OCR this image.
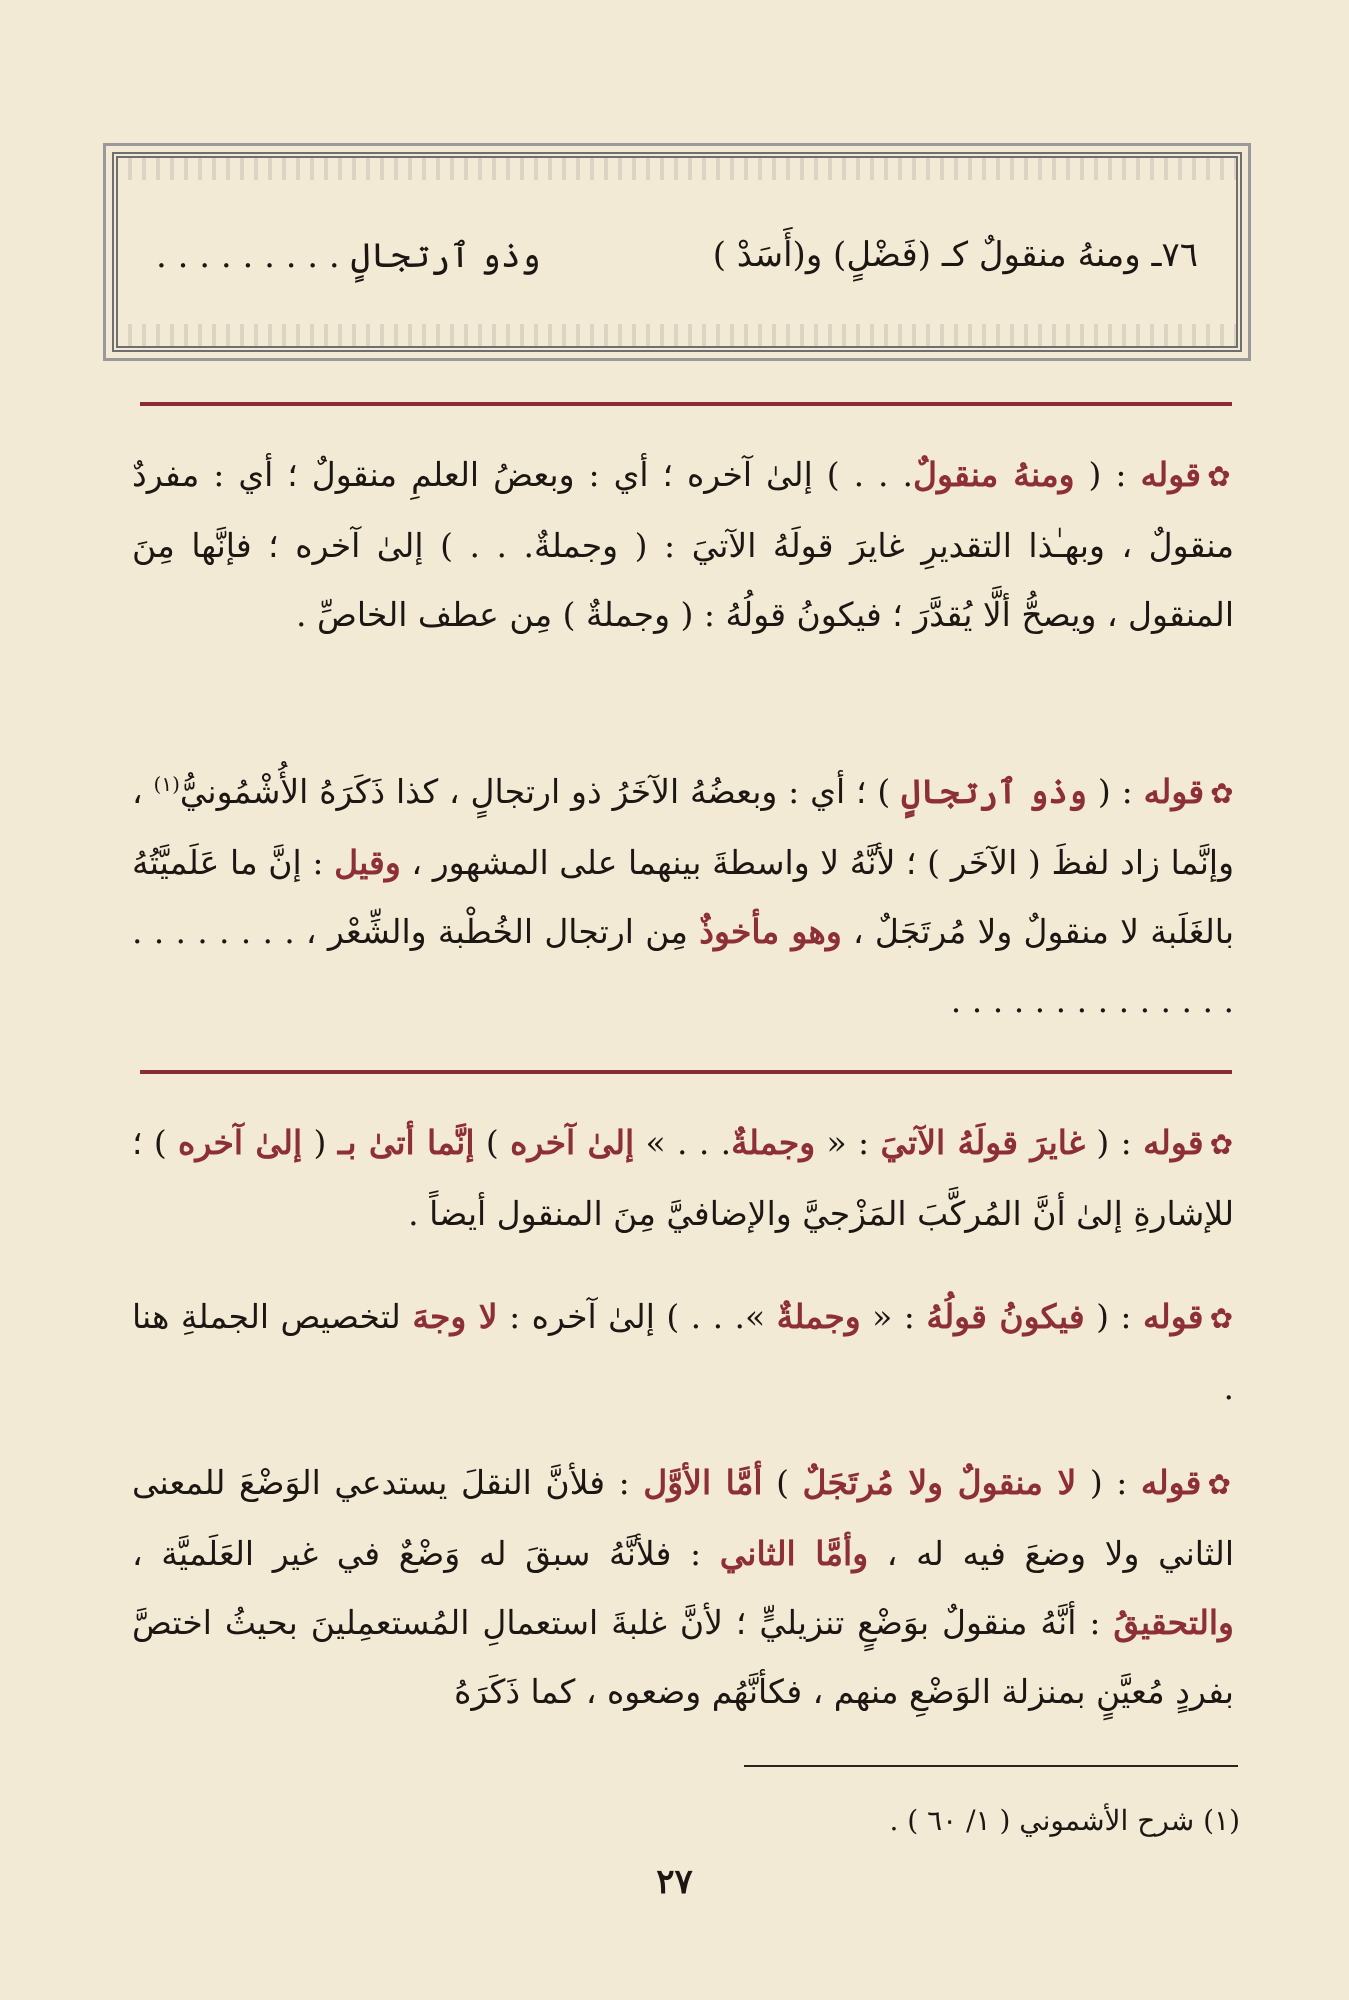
٧٦ـ ومنهُ منقولٌ كـ (فَضْلٍ) و(أَسَدْ )
وذو ٱرتجالٍ . . . . . . . . .
✿قوله : ( ومنهُ منقولٌ. . . ) إلىٰ آخره ؛ أي : وبعضُ العلمِ منقولٌ ؛ أي : مفردٌ منقولٌ ، وبهـٰذا التقديرِ غايرَ قولَهُ الآتيَ : ( وجملةٌ. . . ) إلىٰ آخره ؛ فإنَّها مِنَ المنقول ، ويصحُّ ألَّا يُقدَّرَ ؛ فيكونُ قولُهُ : ( وجملةٌ ) مِن عطف الخاصِّ .
✿قوله : ( وذو ٱرتجالٍ ) ؛ أي : وبعضُهُ الآخَرُ ذو ارتجالٍ ، كذا ذَكَرَهُ الأُشْمُونيُّ$^{(١)}$ ، وإنَّما زاد لفظَ ( الآخَر ) ؛ لأنَّهُ لا واسطةَ بينهما على المشهور ، وقيل : إنَّ ما عَلَميَّتُهُ بالغَلَبة لا منقولٌ ولا مُرتَجَلٌ ، وهو مأخوذٌ مِن ارتجال الخُطْبة والشِّعْر ، . . . . . . . . . . . . . . . . . . . . . .
✿قوله : ( غايرَ قولَهُ الآتيَ : « وجملةٌ. . . » إلىٰ آخره ) إنَّما أتىٰ بـ ( إلىٰ آخره ) ؛ للإشارةِ إلىٰ أنَّ المُركَّبَ المَزْجيَّ والإضافيَّ مِنَ المنقول أيضاً .
✿قوله : ( فيكونُ قولُهُ : « وجملةٌ ». . . ) إلىٰ آخره : لا وجهَ لتخصيص الجملةِ هنا .
✿قوله : ( لا منقولٌ ولا مُرتَجَلٌ ) أمَّا الأوَّل : فلأنَّ النقلَ يستدعي الوَضْعَ للمعنى الثاني ولا وضعَ فيه له ، وأمَّا الثاني : فلأنَّهُ سبقَ له وَضْعٌ في غير العَلَميَّة ، والتحقيقُ : أنَّهُ منقولٌ بوَضْعٍ تنزيليٍّ ؛ لأنَّ غلبةَ استعمالِ المُستعمِلينَ بحيثُ اختصَّ بفردٍ مُعيَّنٍ بمنزلة الوَضْعِ منهم ، فكأنَّهُم وضعوه ، كما ذَكَرَهُ
(١) شرح الأشموني ( ١/ ٦٠ ) .
٢٧
